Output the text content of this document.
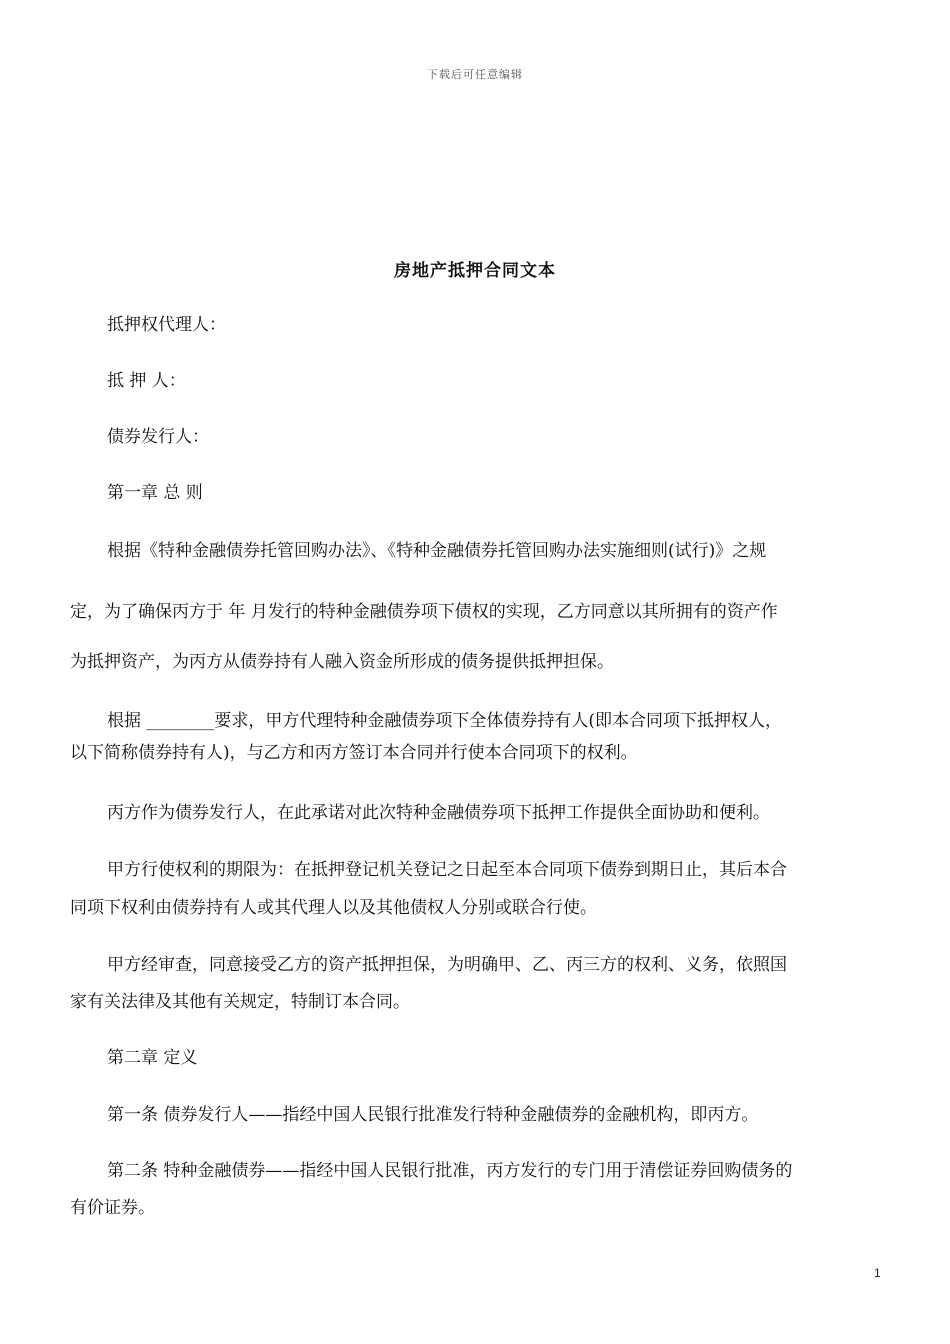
下载后可任意编辑
房地产抵押合同文本
抵押权代理人：
抵 押 人：
债券发行人：
第一章 总 则
根据《特种金融债券托管回购办法》、《特种金融债券托管回购办法实施细则(试行)》之规
定，为了确保丙方于 年 月发行的特种金融债券项下债权的实现，乙方同意以其所拥有的资产作
为抵押资产，为丙方从债券持有人融入资金所形成的债务提供抵押担保。
根据 ________要求，甲方代理特种金融债券项下全体债券持有人(即本合同项下抵押权人，
以下简称债券持有人)，与乙方和丙方签订本合同并行使本合同项下的权利。
丙方作为债券发行人，在此承诺对此次特种金融债券项下抵押工作提供全面协助和便利。
甲方行使权利的期限为：在抵押登记机关登记之日起至本合同项下债券到期日止，其后本合
同项下权利由债券持有人或其代理人以及其他债权人分别或联合行使。
甲方经审查，同意接受乙方的资产抵押担保，为明确甲、乙、丙三方的权利、义务，依照国
家有关法律及其他有关规定，特制订本合同。
第二章 定义
第一条 债券发行人——指经中国人民银行批准发行特种金融债券的金融机构，即丙方。
第二条 特种金融债券——指经中国人民银行批准，丙方发行的专门用于清偿证券回购债务的
有价证券。
1
